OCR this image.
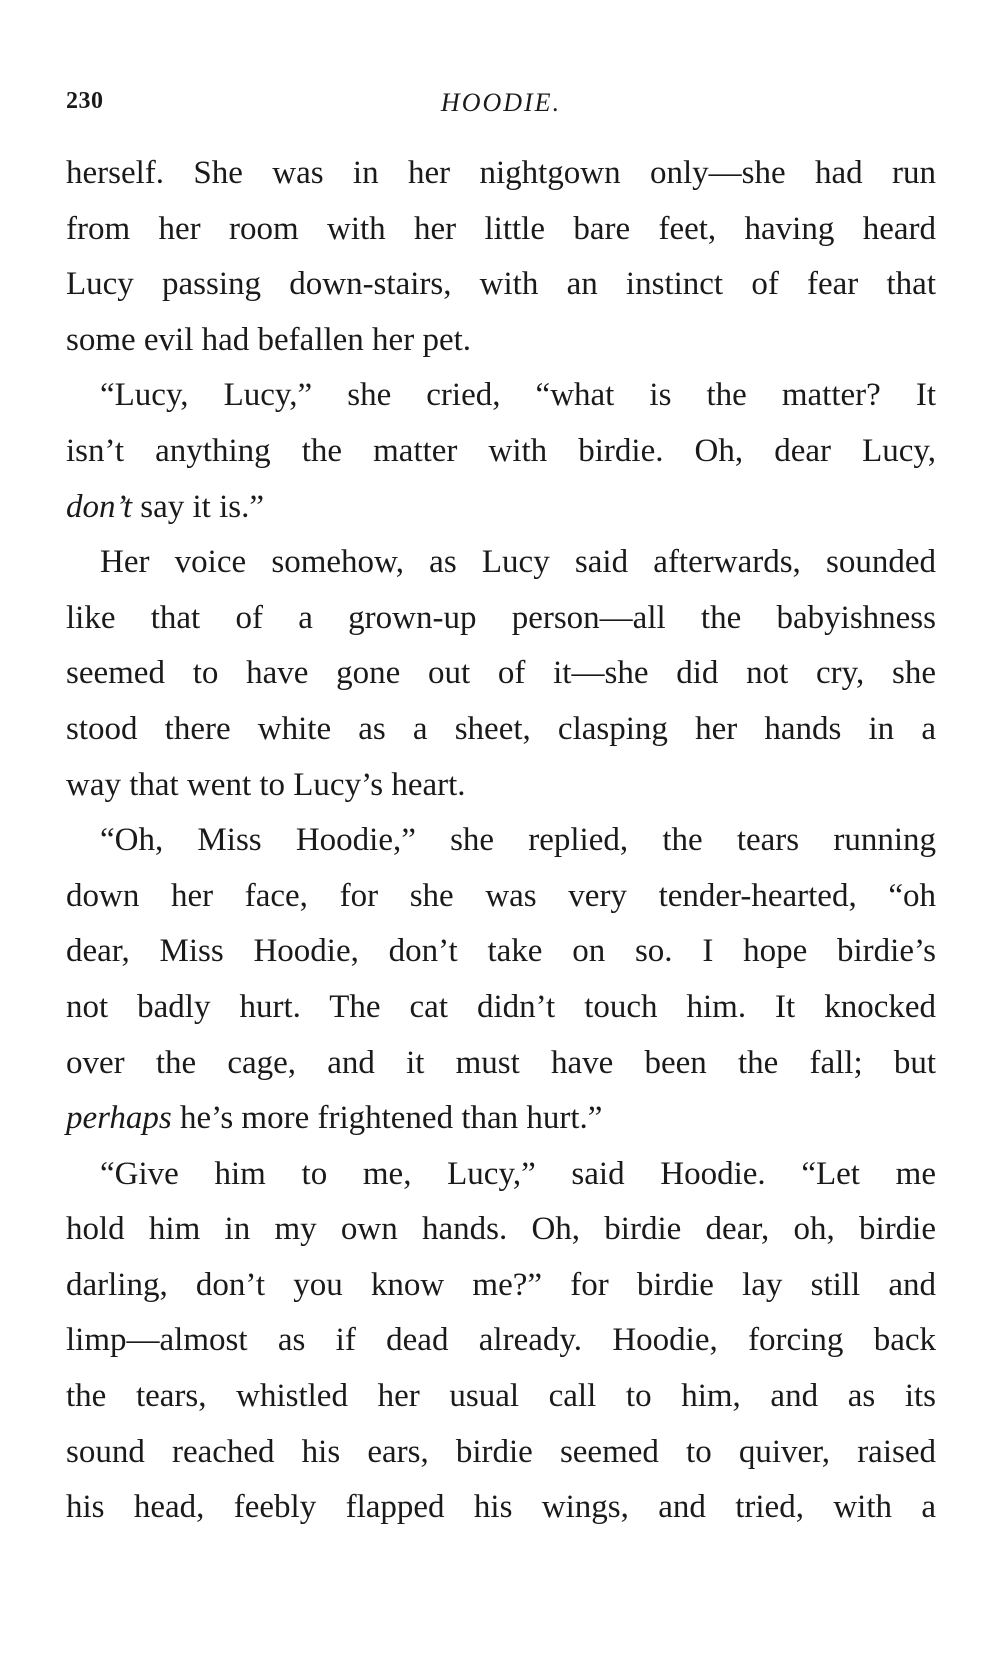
230	HOODIE.
herself. She was in her nightgown only—she had run
from her room with her little bare feet, having heard
Lucy passing down-stairs, with an instinct of fear that
some evil had befallen her pet.
“Lucy, Lucy,” she cried, “what is the matter? It
isn’t anything the matter with birdie. Oh, dear Lucy,
don’t say it is.”
Her voice somehow, as Lucy said afterwards, sounded
like that of a grown-up person—all the babyishness
seemed to have gone out of it—she did not cry, she
stood there white as a sheet, clasping her hands in a
way that went to Lucy’s heart.
“Oh, Miss Hoodie,” she replied, the tears running
down her face, for she was very tender-hearted, “oh
dear, Miss Hoodie, don’t take on so. I hope birdie’s
not badly hurt. The cat didn’t touch him. It knocked
over the cage, and it must have been the fall; but
perhaps he’s more frightened than hurt.”
“Give him to me, Lucy,” said Hoodie. “Let me
hold him in my own hands. Oh, birdie dear, oh, birdie
darling, don’t you know me?” for birdie lay still and
limp—almost as if dead already. Hoodie, forcing back
the tears, whistled her usual call to him, and as its
sound reached his ears, birdie seemed to quiver, raised
his head, feebly flapped his wings, and tried, with a
